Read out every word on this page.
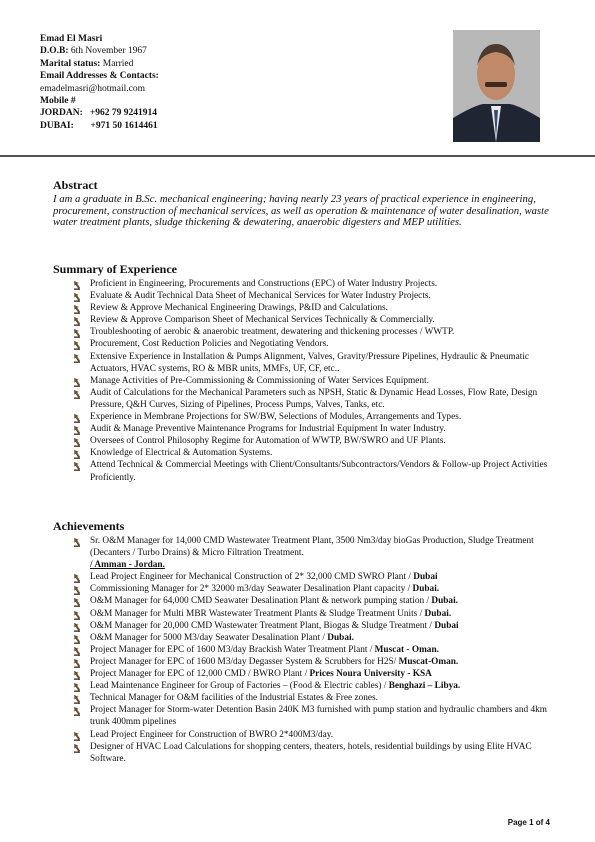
Emad El Masri
D.O.B: 6th November 1967
Marital status: Married
Email Addresses & Contacts:
emadelmasri@hotmail.com
Mobile #
JORDAN: +962 79 9241914
DUBAI: +971 50 1614461
Abstract

I am a graduate in B.Sc. mechanical engineering; having nearly 23 years of practical experience in engineering, procurement, construction of mechanical services, as well as operation & maintenance of water desalination, waste water treatment plants, sludge thickening & dewatering, anaerobic digesters and MEP utilities.

Summary of Experience
Proficient in Engineering, Procurements and Constructions (EPC) of Water Industry Projects.
Evaluate & Audit Technical Data Sheet of Mechanical Services for Water Industry Projects.
Review & Approve Mechanical Engineering Drawings, P&ID and Calculations.
Review & Approve Comparison Sheet of Mechanical Services Technically & Commercially.
Troubleshooting of aerobic & anaerobic treatment, dewatering and thickening processes / WWTP.
Procurement, Cost Reduction Policies and Negotiating Vendors.
Extensive Experience in Installation & Pumps Alignment, Valves, Gravity/Pressure Pipelines, Hydraulic & Pneumatic Actuators, HVAC systems, RO & MBR units, MMFs, UF, CF, etc..
Manage Activities of Pre-Commissioning & Commissioning of Water Services Equipment.
Audit of Calculations for the Mechanical Parameters such as NPSH, Static & Dynamic Head Losses, Flow Rate, Design Pressure, Q&H Curves, Sizing of Pipelines, Process Pumps, Valves, Tanks, etc.
Experience in Membrane Projections for SW/BW, Selections of Modules, Arrangements and Types.
Audit & Manage Preventive Maintenance Programs for Industrial Equipment In water Industry.
Oversees of Control Philosophy Regime for Automation of WWTP, BW/SWRO and UF Plants.
Knowledge of Electrical & Automation Systems.
Attend Technical & Commercial Meetings with Client/Consultants/Subcontractors/Vendors & Follow-up Project Activities Proficiently.
Achievements
Sr. O&M Manager for 14,000 CMD Wastewater Treatment Plant, 3500 Nm3/day bioGas Production, Sludge Treatment (Decanters / Turbo Drains) & Micro Filtration Treatment.
/ Amman - Jordan.
Lead Project Engineer for Mechanical Construction of 2* 32,000 CMD SWRO Plant / Dubai
Commissioning Manager for 2* 32000 m3/day Seawater Desalination Plant capacity / Dubai.
O&M Manager for 64,000 CMD Seawater Desalination Plant & network pumping station / Dubai.
O&M Manager for Multi MBR Wastewater Treatment Plants & Sludge Treatment Units / Dubai.
O&M Manager for 20,000 CMD Wastewater Treatment Plant, Biogas & Sludge Treatment / Dubai
O&M Manager for 5000 M3/day Seawater Desalination Plant / Dubai.
Project Manager for EPC of 1600 M3/day Brackish Water Treatment Plant / Muscat - Oman.
Project Manager for EPC of 1600 M3/day Degasser System & Scrubbers for H2S/ Muscat-Oman.
Project Manager for EPC of 12,000 CMD / BWRO Plant / Prices Noura University - KSA
Lead Maintenance Engineer for Group of Factories – (Food & Electric cables) / Benghazi – Libya.
Technical Manager for O&M facilities of the Industrial Estates & Free zones.
Project Manager for Storm-water Detention Basin 240K M3 furnished with pump station and hydraulic chambers and 4km trunk 400mm pipelines
Lead Project Engineer for Construction of BWRO 2*400M3/day.
Designer of HVAC Load Calculations for shopping centers, theaters, hotels, residential buildings by using Elite HVAC Software.
Page 1 of 4
